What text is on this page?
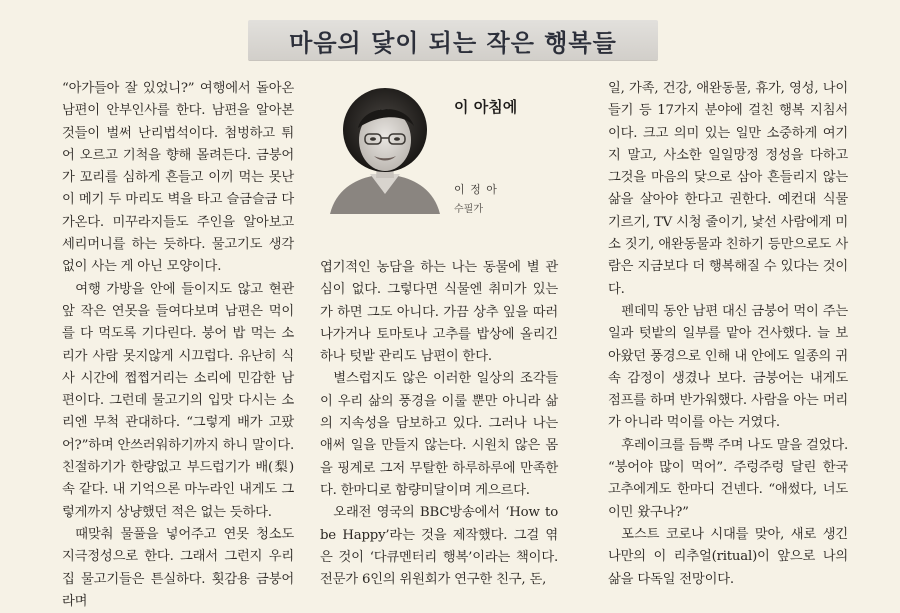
마음의 닻이 되는 작은 행복들

“아가들아 잘 있었니?” 여행에서 돌아온 남편이 안부인사를 한다. 남편을 알아본 것들이 벌써 난리법석이다. 첨벙하고 튀어 오르고 기척을 향해 몰려든다. 금붕어가 꼬리를 심하게 흔들고 이끼 먹는 못난이 메기 두 마리도 벽을 타고 슬금슬금 다가온다. 미꾸라지들도 주인을 알아보고 세리머니를 하는 듯하다. 물고기도 생각 없이 사는 게 아닌 모양이다.

여행 가방을 안에 들이지도 않고 현관 앞 작은 연못을 들여다보며 남편은 먹이를 다 먹도록 기다린다. 붕어 밥 먹는 소리가 사람 못지않게 시끄럽다. 유난히 식사 시간에 쩝쩝거리는 소리에 민감한 남편이다. 그런데 물고기의 입맛 다시는 소리엔 무척 관대하다. “그렇게 배가 고팠어?”하며 안쓰러워하기까지 하니 말이다. 친절하기가 한량없고 부드럽기가 배(梨) 속 같다. 내 기억으론 마누라인 내게도 그렇게까지 상냥했던 적은 없는 듯하다.

때맞춰 물풀을 넣어주고 연못 청소도 지극정성으로 한다. 그래서 그런지 우리 집 물고기들은 튼실하다. 횟감용 금붕어라며

이 아침에
이 정 아
수필가

엽기적인 농담을 하는 나는 동물에 별 관심이 없다. 그렇다면 식물엔 취미가 있는가 하면 그도 아니다. 가끔 상추 잎을 따러 나가거나 토마토나 고추를 밥상에 올리긴 하나 텃밭 관리도 남편이 한다.

별스럽지도 않은 이러한 일상의 조각들이 우리 삶의 풍경을 이룰 뿐만 아니라 삶의 지속성을 담보하고 있다. 그러나 나는 애써 일을 만들지 않는다. 시원치 않은 몸을 핑계로 그저 무탈한 하루하루에 만족한다. 한마디로 함량미달이며 게으르다.

오래전 영국의 BBC방송에서 ‘How to be Happy’라는 것을 제작했다. 그걸 엮은 것이 ‘다큐멘터리 행복’이라는 책이다. 전문가 6인의 위원회가 연구한 친구, 돈,

일, 가족, 건강, 애완동물, 휴가, 영성, 나이 들기 등 17가지 분야에 걸친 행복 지침서이다. 크고 의미 있는 일만 소중하게 여기지 말고, 사소한 일일망정 정성을 다하고 그것을 마음의 닻으로 삼아 흔들리지 않는 삶을 살아야 한다고 권한다. 예컨대 식물 기르기, TV 시청 줄이기, 낯선 사람에게 미소 짓기, 애완동물과 친하기 등만으로도 사람은 지금보다 더 행복해질 수 있다는 것이다.

펜데믹 동안 남편 대신 금붕어 먹이 주는 일과 텃밭의 일부를 맡아 건사했다. 늘 보아왔던 풍경으로 인해 내 안에도 일종의 귀속 감정이 생겼나 보다. 금붕어는 내게도 점프를 하며 반가워했다. 사람을 아는 머리가 아니라 먹이를 아는 거였다.

후레이크를 듬뿍 주며 나도 말을 걸었다. “붕어야 많이 먹어”. 주렁주렁 달린 한국 고추에게도 한마디 건넨다. “애썼다, 너도 이민 왔구나?”

포스트 코로나 시대를 맞아, 새로 생긴 나만의 이 리추얼(ritual)이 앞으로 나의 삶을 다독일 전망이다.
